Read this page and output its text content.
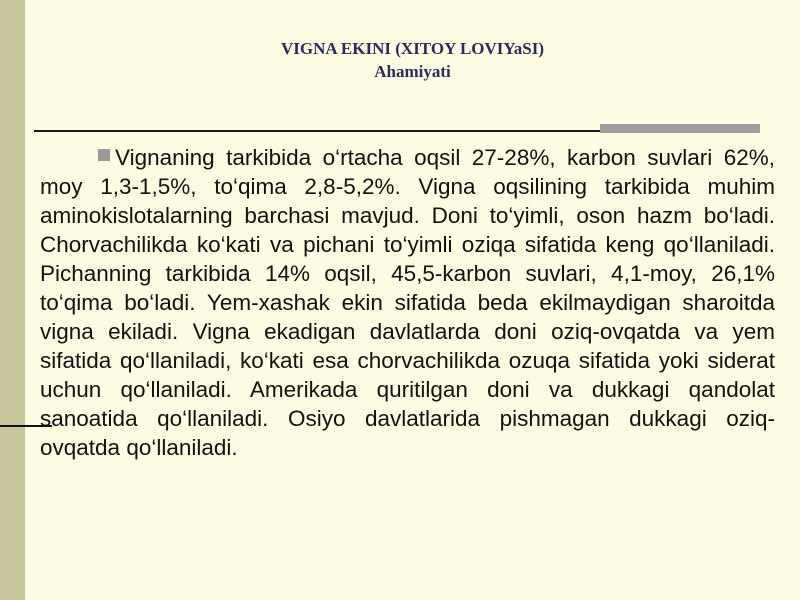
VIGNA EKINI (XITOY LOVIYaSI)
Ahamiyati
Vignaning tarkibida o‘rtacha oqsil 27-28%, karbon suvlari 62%, moy 1,3-1,5%, to‘qima 2,8-5,2%. Vigna oqsilining tarkibida muhim aminokislotalarning barchasi mavjud. Doni to‘yimli, oson hazm bo‘ladi. Chorvachilikda ko‘kati va pichani to‘yimli oziqa sifatida keng qo‘llaniladi. Pichanning tarkibida 14% oqsil, 45,5-karbon suvlari, 4,1-moy, 26,1% to‘qima bo‘ladi. Yem-xashak ekin sifatida beda ekilmaydigan sharoitda vigna ekiladi. Vigna ekadigan davlatlarda doni oziq-ovqatda va yem sifatida qo‘llaniladi, ko‘kati esa chorvachilikda ozuqa sifatida yoki siderat uchun qo‘llaniladi. Amerikada quritilgan doni va dukkagi qandolat sanoatida qo‘llaniladi. Osiyo davlatlarida pishmagan dukkagi oziq-ovqatda qo‘llaniladi.
